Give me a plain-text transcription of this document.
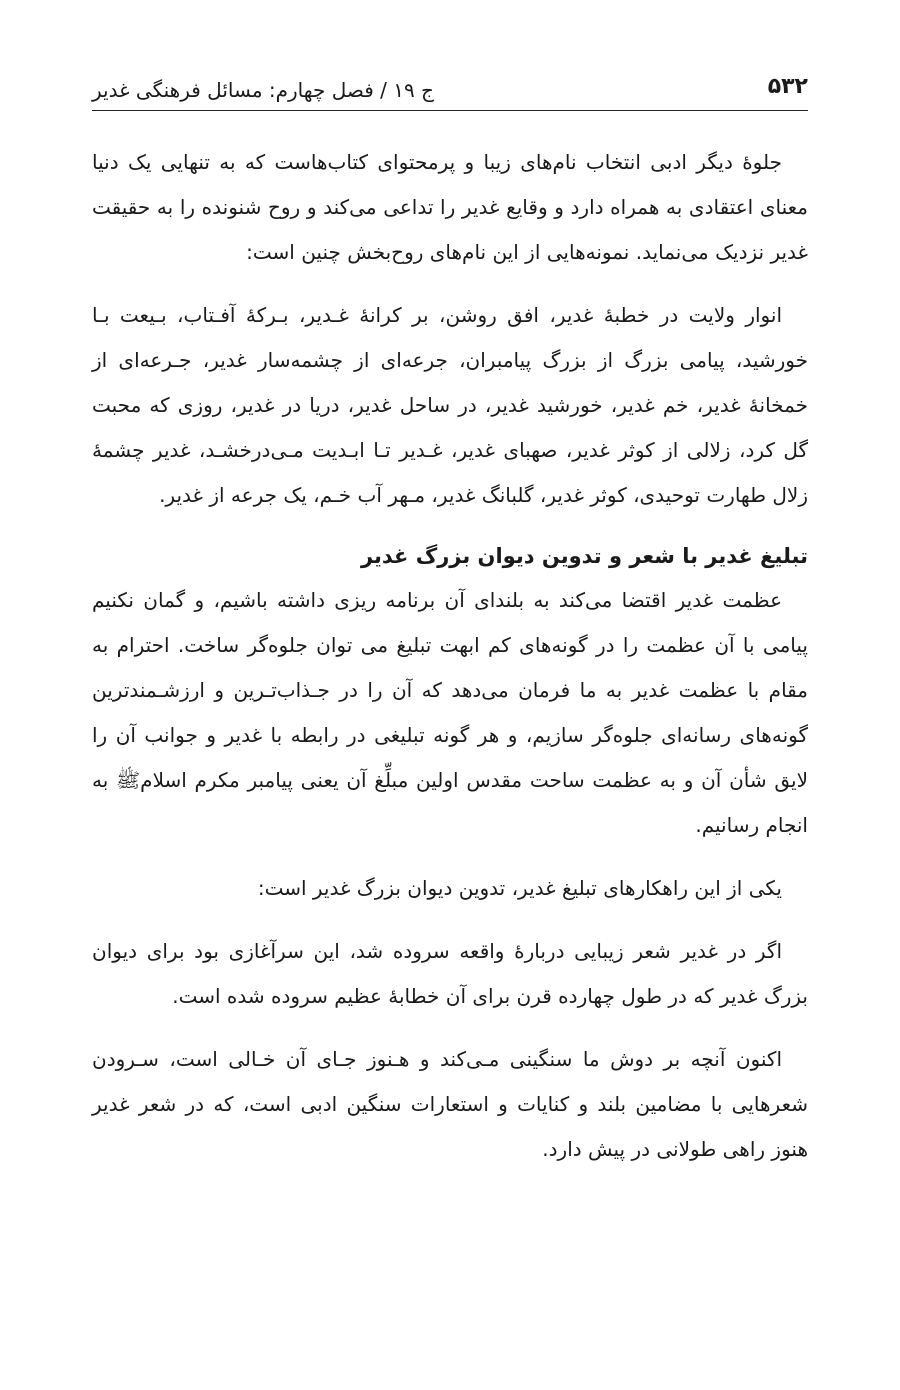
۵۳۲
ج ۱۹ / فصل چهارم: مسائل فرهنگی غدیر

جلوهٔ دیگر ادبی انتخاب نام‌های زیبا و پرمحتوای کتاب‌هاست که به تنهایی یک دنیا معنای اعتقادی به همراه دارد و وقایع غدیر را تداعی می‌کند و روح شنونده را به حقیقت غدیر نزدیک می‌نماید. نمونه‌هایی از این نام‌های روح‌بخش چنین است:

انوار ولایت در خطبهٔ غدیر، افق روشن، بر کرانهٔ غـدیر، بـرکهٔ آفـتاب، بـیعت بـا خورشید، پیامی بزرگ از بزرگ پیامبران، جرعه‌ای از چشمه‌سار غدیر، جـرعه‌ای از خمخانهٔ غدیر، خم غدیر، خورشید غدیر، در ساحل غدیر، دریا در غدیر، روزی که محبت گل کرد، زلالی از کوثر غدیر، صهبای غدیر، غـدیر تـا ابـدیت مـی‌درخشـد، غدیر چشمهٔ زلال طهارت توحیدی، کوثر غدیر، گلبانگ غدیر، مـهر آب خـم، یک جرعه از غدیر.

تبلیغ غدیر با شعر و تدوین دیوان بزرگ غدیر

عظمت غدیر اقتضا می‌کند به بلندای آن برنامه ریزی داشته باشیم، و گمان نکنیم پیامی با آن عظمت را در گونه‌های کم ابهت تبلیغ می توان جلوه‌گر ساخت. احترام به مقام با عظمت غدیر به ما فرمان می‌دهد که آن را در جـذاب‌تـرین و ارزشـمندترین گونه‌های رسانه‌ای جلوه‌گر سازیم، و هر گونه تبلیغی در رابطه با غدیر و جوانب آن را لایق شأن آن و به عظمت ساحت مقدس اولین مبلِّغ آن یعنی پیامبر مکرم اسلامﷺ به انجام رسانیم.

یکی از این راهکارهای تبلیغ غدیر، تدوین دیوان بزرگ غدیر است:

اگر در غدیر شعر زیبایی دربارهٔ واقعه سروده شد، این سرآغازی بود برای دیوان بزرگ غدیر که در طول چهارده قرن برای آن خطابهٔ عظیم سروده شده است.

اکنون آنچه بر دوش ما سنگینی مـی‌کند و هـنوز جـای آن خـالی است، سـرودن شعرهایی با مضامین بلند و کنایات و استعارات سنگین ادبی است، که در شعر غدیر هنوز راهی طولانی در پیش دارد.
